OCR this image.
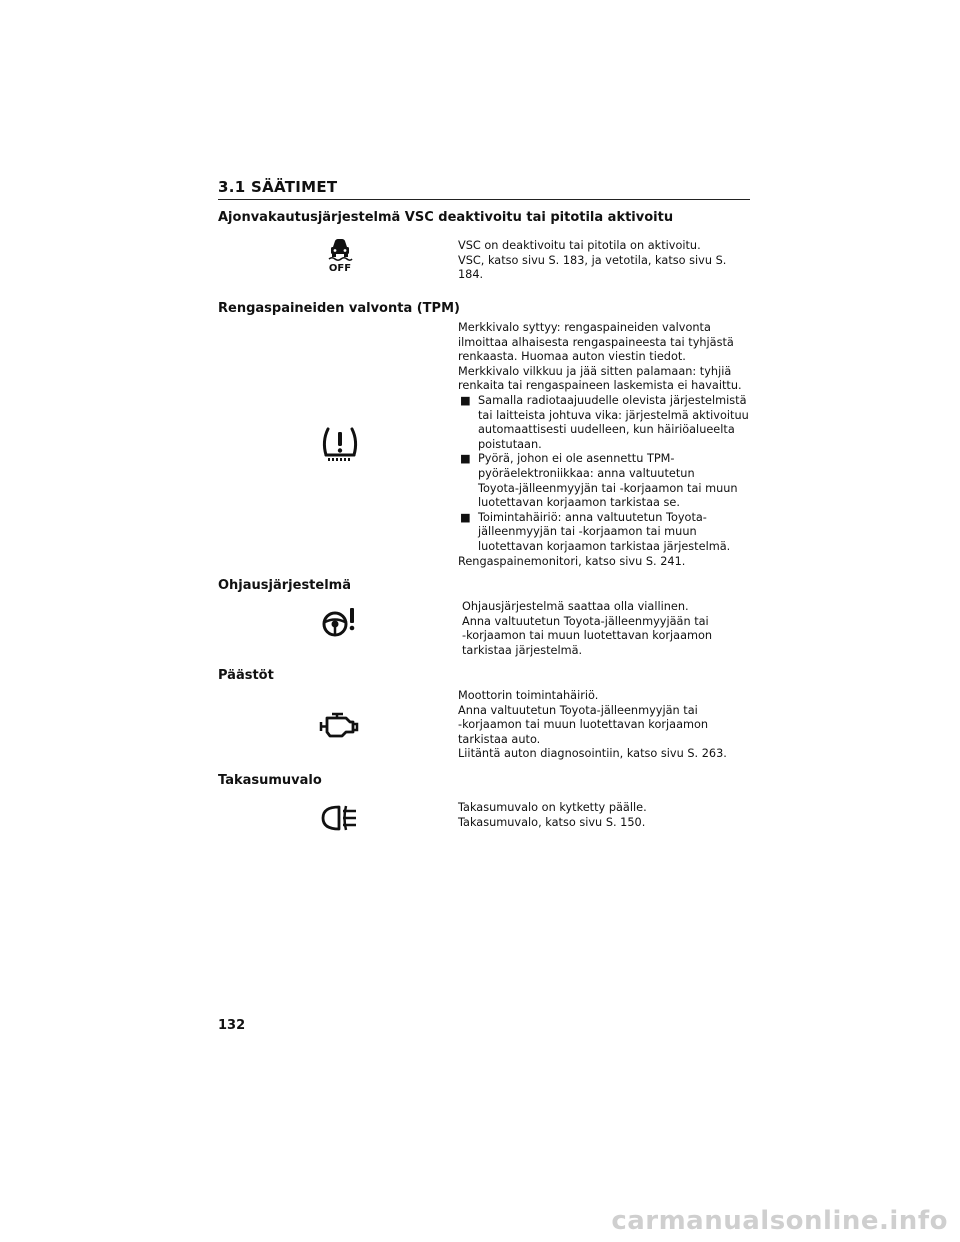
3.1 SÄÄTIMET
Ajonvakautusjärjestelmä VSC deaktivoitu tai pitotila aktivoitu
OFF

VSC on deaktivoitu tai pitotila on aktivoitu.

VSC, katso sivu S. 183, ja vetotila, katso sivu S. 184.

Rengaspaineiden valvonta (TPM)

Merkkivalo syttyy: rengaspaineiden valvonta

ilmoittaa alhaisesta rengaspaineesta tai tyhjästä

renkaasta. Huomaa auton viestin tiedot.

Merkkivalo vilkkuu ja jää sitten palamaan: tyhjiä

renkaita tai rengaspaineen laskemista ei havaittu.

■ Samalla radiotaajuudelle olevista järjestelmistä

tai laitteista johtuva vika: järjestelmä aktivoituu

automaattisesti uudelleen, kun häiriöalueelta

poistutaan.

■ Pyörä, johon ei ole asennettu TPM-

pyöräelektroniikkaa: anna valtuutetun

Toyota-jälleenmyyjän tai -korjaamon tai muun

luotettavan korjaamon tarkistaa se.

■ Toimintahäiriö: anna valtuutetun Toyota-

jälleenmyyjän tai -korjaamon tai muun

luotettavan korjaamon tarkistaa järjestelmä.

Rengaspainemonitori, katso sivu S. 241.

Ohjausjärjestelmä

Ohjausjärjestelmä saattaa olla viallinen.

Anna valtuutetun Toyota-jälleenmyyjään tai

-korjaamon tai muun luotettavan korjaamon

tarkistaa järjestelmä.

Päästöt

Moottorin toimintahäiriö.

Anna valtuutetun Toyota-jälleenmyyjän tai

-korjaamon tai muun luotettavan korjaamon

tarkistaa auto.

Liitäntä auton diagnosointiin, katso sivu S. 263.

Takasumuvalo

Takasumuvalo on kytketty päälle.

Takasumuvalo, katso sivu S. 150.

132
carmanualsonline.info
